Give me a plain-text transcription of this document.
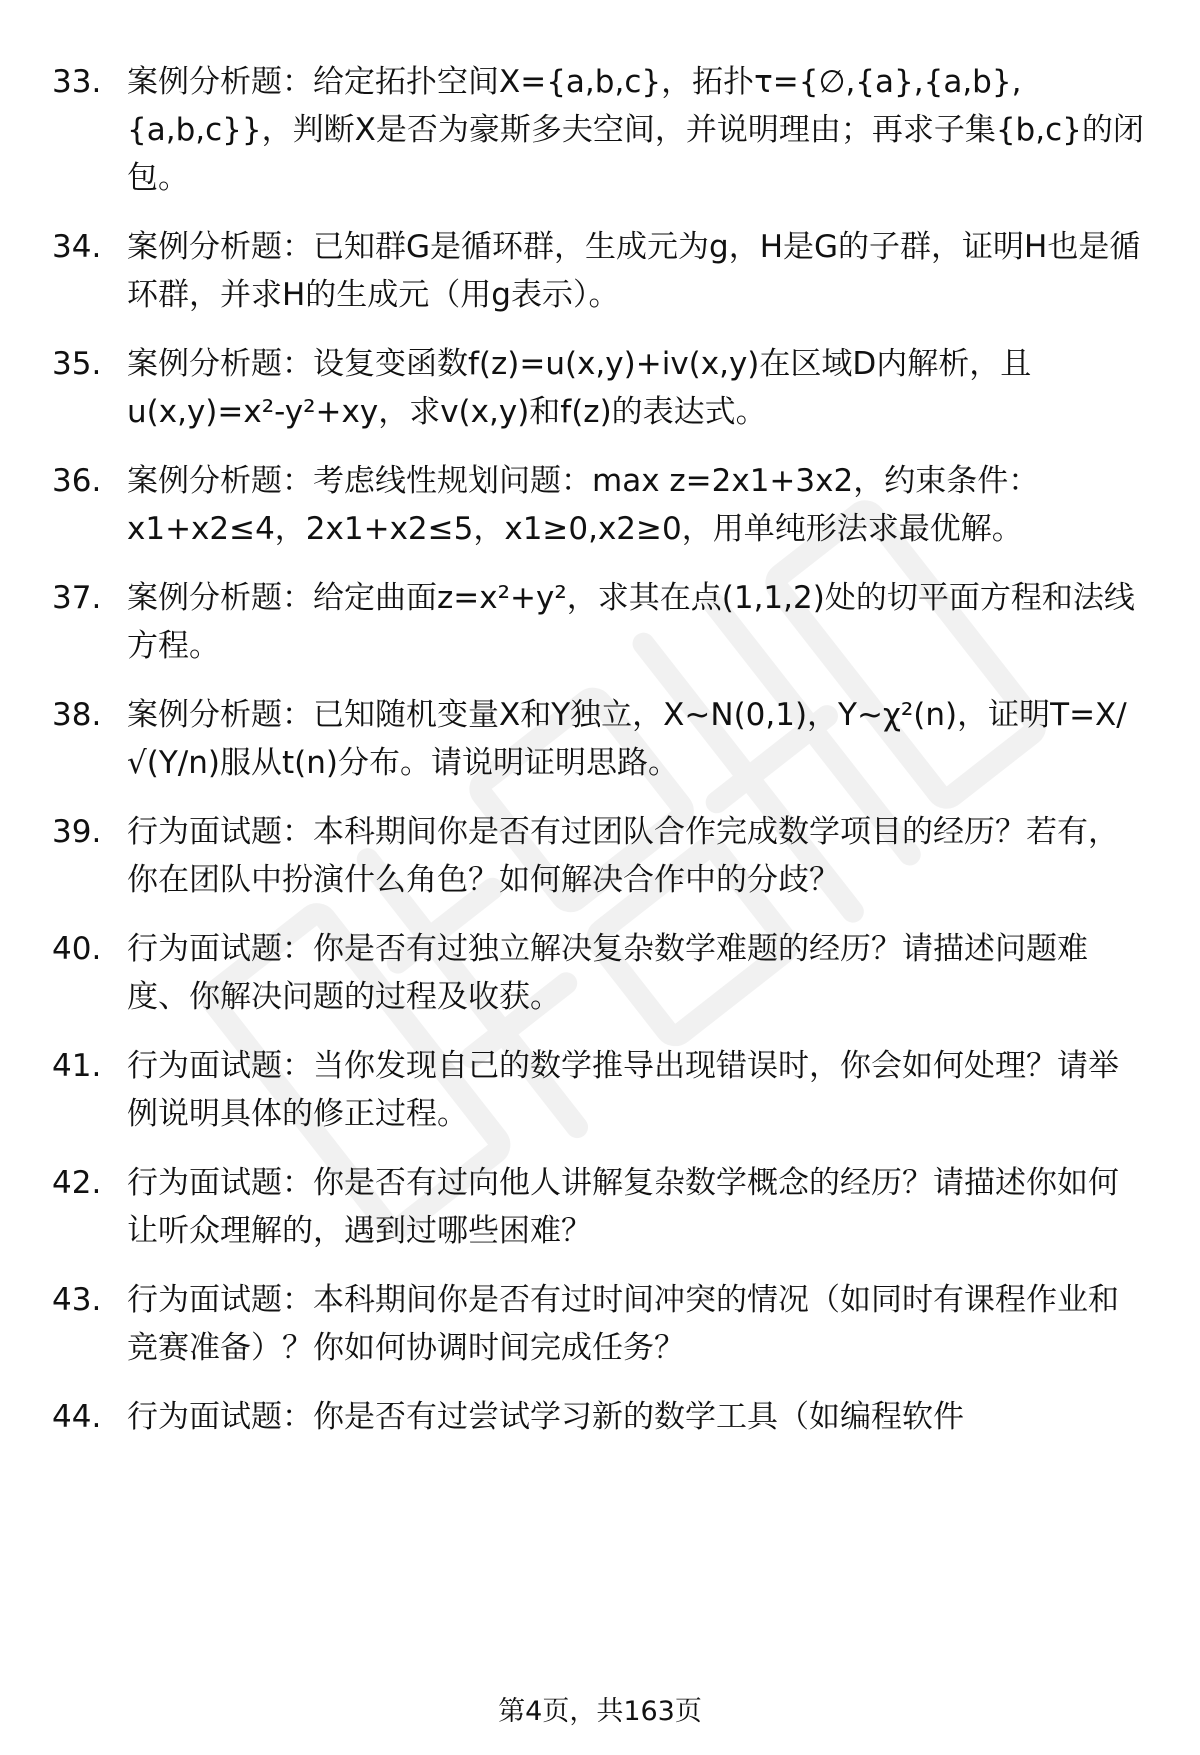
33. 案例分析题：给定拓扑空间X={a,b,c}，拓扑τ={∅,{a},{a,b},{a,b,c}}，判断X是否为豪斯多夫空间，并说明理由；再求子集{b,c}的闭包。
34. 案例分析题：已知群G是循环群，生成元为g，H是G的子群，证明H也是循环群，并求H的生成元（用g表示）。
35. 案例分析题：设复变函数f(z)=u(x,y)+iv(x,y)在区域D内解析，且u(x,y)=x²-y²+xy，求v(x,y)和f(z)的表达式。
36. 案例分析题：考虑线性规划问题：max z=2x1+3x2，约束条件：x1+x2≤4，2x1+x2≤5，x1≥0,x2≥0，用单纯形法求最优解。
37. 案例分析题：给定曲面z=x²+y²，求其在点(1,1,2)处的切平面方程和法线方程。
38. 案例分析题：已知随机变量X和Y独立，X~N(0,1)，Y~χ²(n)，证明T=X/√(Y/n)服从t(n)分布。请说明证明思路。
39. 行为面试题：本科期间你是否有过团队合作完成数学项目的经历？若有，你在团队中扮演什么角色？如何解决合作中的分歧？
40. 行为面试题：你是否有过独立解决复杂数学难题的经历？请描述问题难度、你解决问题的过程及收获。
41. 行为面试题：当你发现自己的数学推导出现错误时，你会如何处理？请举例说明具体的修正过程。
42. 行为面试题：你是否有过向他人讲解复杂数学概念的经历？请描述你如何让听众理解的，遇到过哪些困难？
43. 行为面试题：本科期间你是否有过时间冲突的情况（如同时有课程作业和竞赛准备）？你如何协调时间完成任务？
44. 行为面试题：你是否有过尝试学习新的数学工具（如编程软件
第4页，共163页
